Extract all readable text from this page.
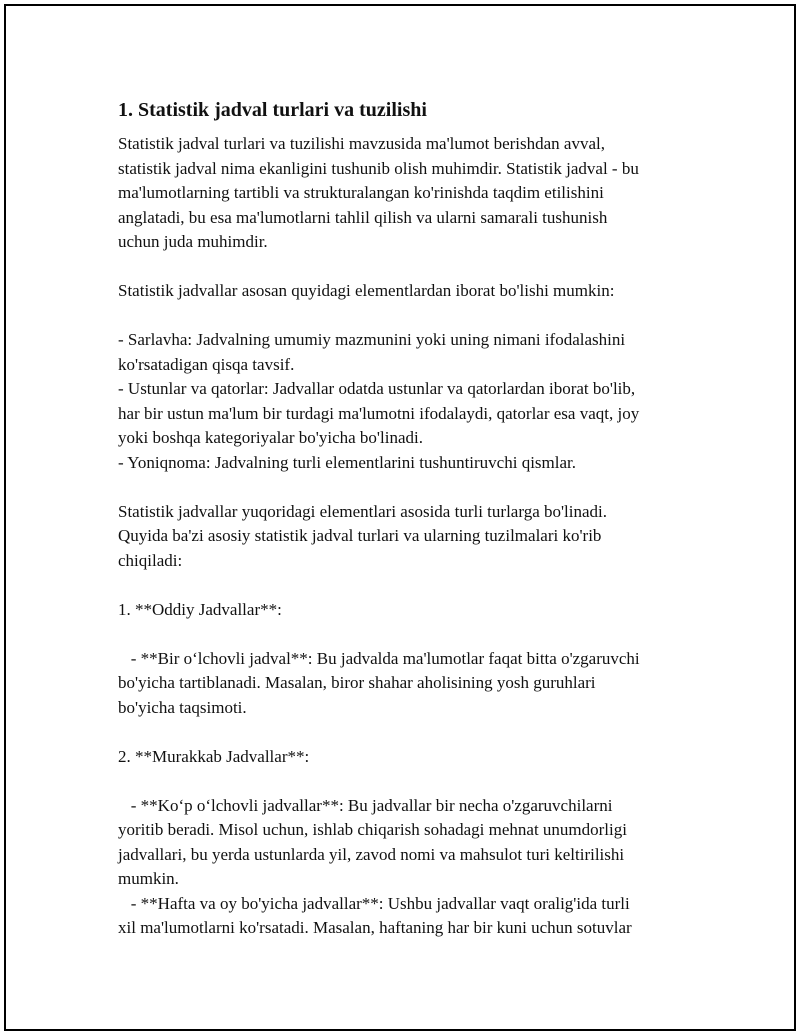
1. Statistik jadval turlari va tuzilishi
Statistik jadval turlari va tuzilishi mavzusida ma'lumot berishdan avval,
statistik jadval nima ekanligini tushunib olish muhimdir. Statistik jadval - bu
ma'lumotlarning tartibli va strukturalangan ko'rinishda taqdim etilishini
anglatadi, bu esa ma'lumotlarni tahlil qilish va ularni samarali tushunish
uchun juda muhimdir.
Statistik jadvallar asosan quyidagi elementlardan iborat bo'lishi mumkin:
- Sarlavha: Jadvalning umumiy mazmunini yoki uning nimani ifodalashini
ko'rsatadigan qisqa tavsif.
- Ustunlar va qatorlar: Jadvallar odatda ustunlar va qatorlardan iborat bo'lib,
har bir ustun ma'lum bir turdagi ma'lumotni ifodalaydi, qatorlar esa vaqt, joy
yoki boshqa kategoriyalar bo'yicha bo'linadi.
- Yoniqnoma: Jadvalning turli elementlarini tushuntiruvchi qismlar.
Statistik jadvallar yuqoridagi elementlari asosida turli turlarga bo'linadi.
Quyida ba'zi asosiy statistik jadval turlari va ularning tuzilmalari ko'rib
chiqiladi:
1. **Oddiy Jadvallar**:
- **Bir o‘lchovli jadval**: Bu jadvalda ma'lumotlar faqat bitta o'zgaruvchi
bo'yicha tartiblanadi. Masalan, biror shahar aholisining yosh guruhlari
bo'yicha taqsimoti.
2. **Murakkab Jadvallar**:
- **Ko‘p o‘lchovli jadvallar**: Bu jadvallar bir necha o'zgaruvchilarni
yoritib beradi. Misol uchun, ishlab chiqarish sohadagi mehnat unumdorligi
jadvallari, bu yerda ustunlarda yil, zavod nomi va mahsulot turi keltirilishi
mumkin.
- **Hafta va oy bo'yicha jadvallar**: Ushbu jadvallar vaqt oralig'ida turli
xil ma'lumotlarni ko'rsatadi. Masalan, haftaning har bir kuni uchun sotuvlar
